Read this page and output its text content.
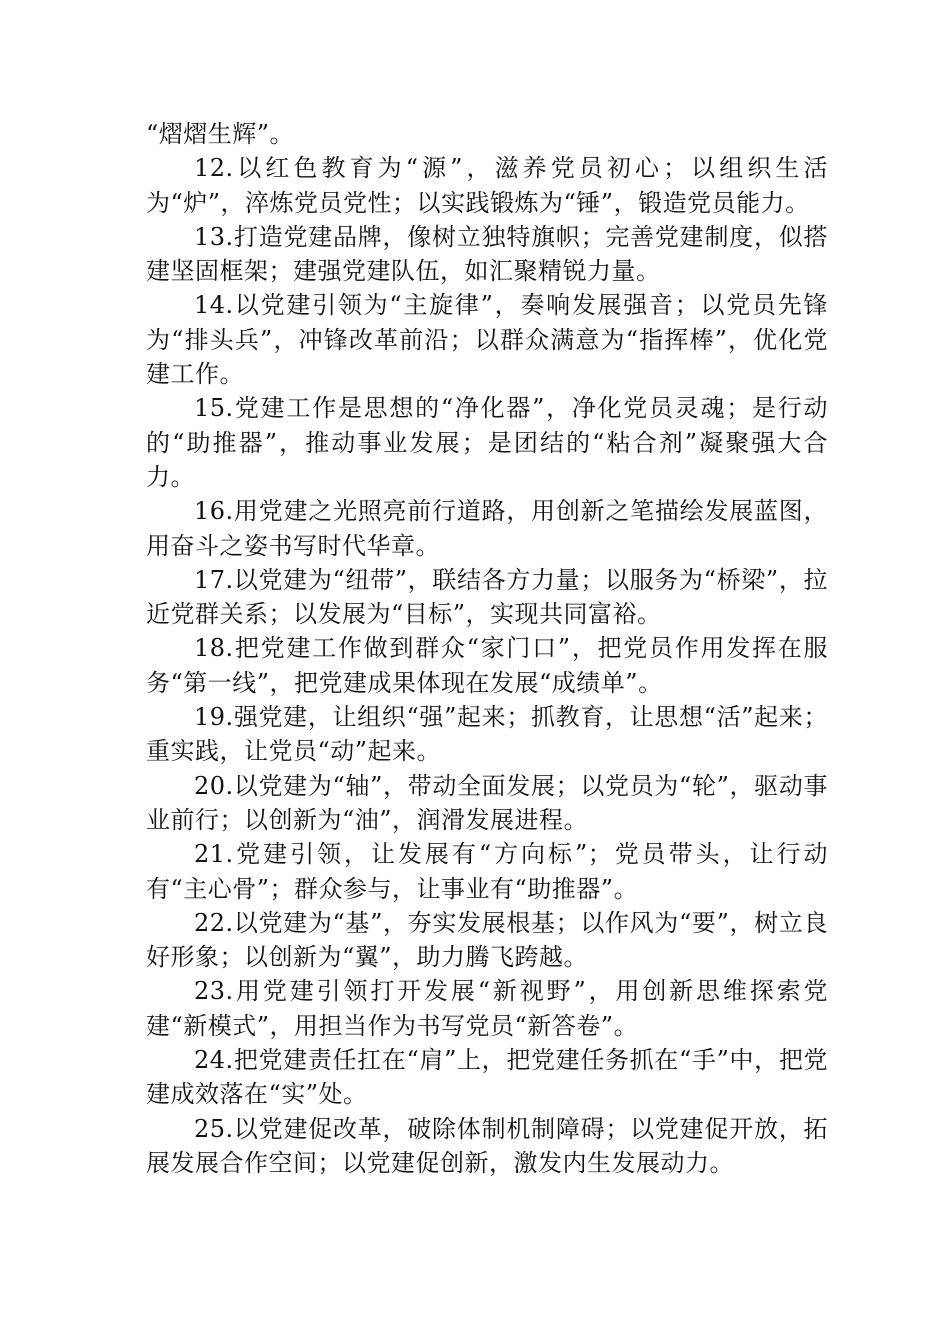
“熠熠生辉”。

12.以红色教育为“源”，滋养党员初心；以组织生活为“炉”，淬炼党员党性；以实践锻炼为“锤”，锻造党员能力。

13.打造党建品牌，像树立独特旗帜；完善党建制度，似搭建坚固框架；建强党建队伍，如汇聚精锐力量。

14.以党建引领为“主旋律”，奏响发展强音；以党员先锋为“排头兵”，冲锋改革前沿；以群众满意为“指挥棒”，优化党建工作。

15.党建工作是思想的“净化器”，净化党员灵魂；是行动的“助推器”，推动事业发展；是团结的“粘合剂”凝聚强大合力。

16.用党建之光照亮前行道路，用创新之笔描绘发展蓝图，用奋斗之姿书写时代华章。

17.以党建为“纽带”，联结各方力量；以服务为“桥梁”，拉近党群关系；以发展为“目标”，实现共同富裕。

18.把党建工作做到群众“家门口”，把党员作用发挥在服务“第一线”，把党建成果体现在发展“成绩单”。

19.强党建，让组织“强”起来；抓教育，让思想“活”起来；重实践，让党员“动”起来。

20.以党建为“轴”，带动全面发展；以党员为“轮”，驱动事业前行；以创新为“油”，润滑发展进程。

21.党建引领，让发展有“方向标”；党员带头，让行动有“主心骨”；群众参与，让事业有“助推器”。

22.以党建为“基”，夯实发展根基；以作风为“要”，树立良好形象；以创新为“翼”，助力腾飞跨越。

23.用党建引领打开发展“新视野”，用创新思维探索党建“新模式”，用担当作为书写党员“新答卷”。

24.把党建责任扛在“肩”上，把党建任务抓在“手”中，把党建成效落在“实”处。

25.以党建促改革，破除体制机制障碍；以党建促开放，拓展发展合作空间；以党建促创新，激发内生发展动力。
